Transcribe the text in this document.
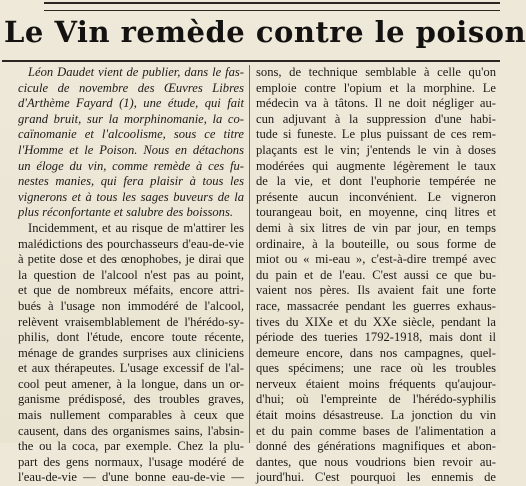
Le Vin remède contre le poison
Léon Daudet vient de publier, dans le fas-
cicule de novembre des Œuvres Libres
d'Arthème Fayard (1), une étude, qui fait
grand bruit, sur la morphinomanie, la co-
caïnomanie et l'alcoolisme, sous ce titre
l'Homme et le Poison. Nous en détachons
un éloge du vin, comme remède à ces fu-
nestes manies, qui fera plaisir à tous les
vignerons et à tous les sages buveurs de la
plus réconfortante et salubre des boissons.
Incidemment, et au risque de m'attirer les
malédictions des pourchasseurs d'eau-de-vie
à petite dose et des œnophobes, je dirai que
la question de l'alcool n'est pas au point,
et que de nombreux méfaits, encore attri-
bués à l'usage non immodéré de l'alcool,
relèvent vraisemblablement de l'hérédo-sy-
philis, dont l'étude, encore toute récente,
ménage de grandes surprises aux cliniciens
et aux thérapeutes. L'usage excessif de l'al-
cool peut amener, à la longue, dans un or-
ganisme prédisposé, des troubles graves,
mais nullement comparables à ceux que
causent, dans des organismes sains, l'absin-
the ou la coca, par exemple. Chez la plu-
part des gens normaux, l'usage modéré de
l'eau-de-vie — d'une bonne eau-de-vie —
sons, de technique semblable à celle qu'on
emploie contre l'opium et la morphine. Le
médecin va à tâtons. Il ne doit négliger au-
cun adjuvant à la suppression d'une habi-
tude si funeste. Le plus puissant de ces rem-
plaçants est le vin; j'entends le vin à doses
modérées qui augmente légèrement le taux
de la vie, et dont l'euphorie tempérée ne
présente aucun inconvénient. Le vigneron
tourangeau boit, en moyenne, cinq litres et
demi à six litres de vin par jour, en temps
ordinaire, à la bouteille, ou sous forme de
miot ou « mi-eau », c'est-à-dire trempé avec
du pain et de l'eau. C'est aussi ce que bu-
vaient nos pères. Ils avaient fait une forte
race, massacrée pendant les guerres exhaus-
tives du XIXe et du XXe siècle, pendant la
période des tueries 1792-1918, mais dont il
demeure encore, dans nos campagnes, quel-
ques spécimens; une race où les troubles
nerveux étaient moins fréquents qu'aujour-
d'hui; où l'empreinte de l'hérédo-syphilis
était moins désastreuse. La jonction du vin
et du pain comme bases de l'alimentation a
donné des générations magnifiques et abon-
dantes, que nous voudrions bien revoir au-
jourd'hui. C'est pourquoi les ennemis de
